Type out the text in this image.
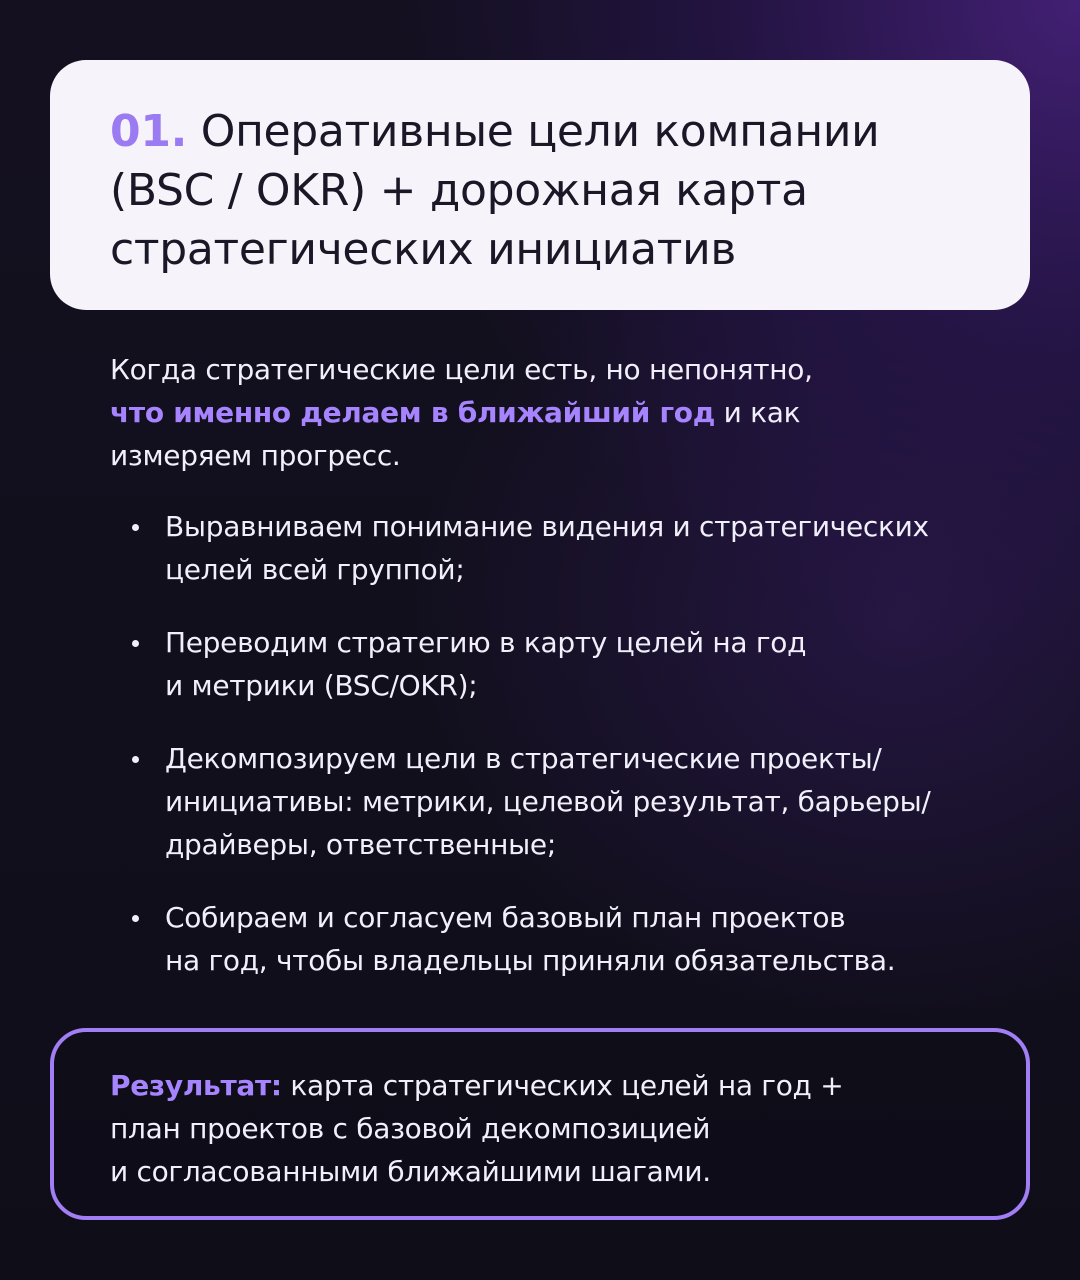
01. Оперативные цели компании
(BSC / OKR) + дорожная карта
стратегических инициатив

Когда стратегические цели есть, но непонятно,
что именно делаем в ближайший год и как
измеряем прогресс.

Выравниваем понимание видения и стратегических
целей всей группой;
Переводим стратегию в карту целей на год
и метрики (BSC/OKR);
Декомпозируем цели в стратегические проекты/
инициативы: метрики, целевой результат, барьеры/
драйверы, ответственные;
Собираем и согласуем базовый план проектов
на год, чтобы владельцы приняли обязательства.

Результат: карта стратегических целей на год +
план проектов с базовой декомпозицией
и согласованными ближайшими шагами.
